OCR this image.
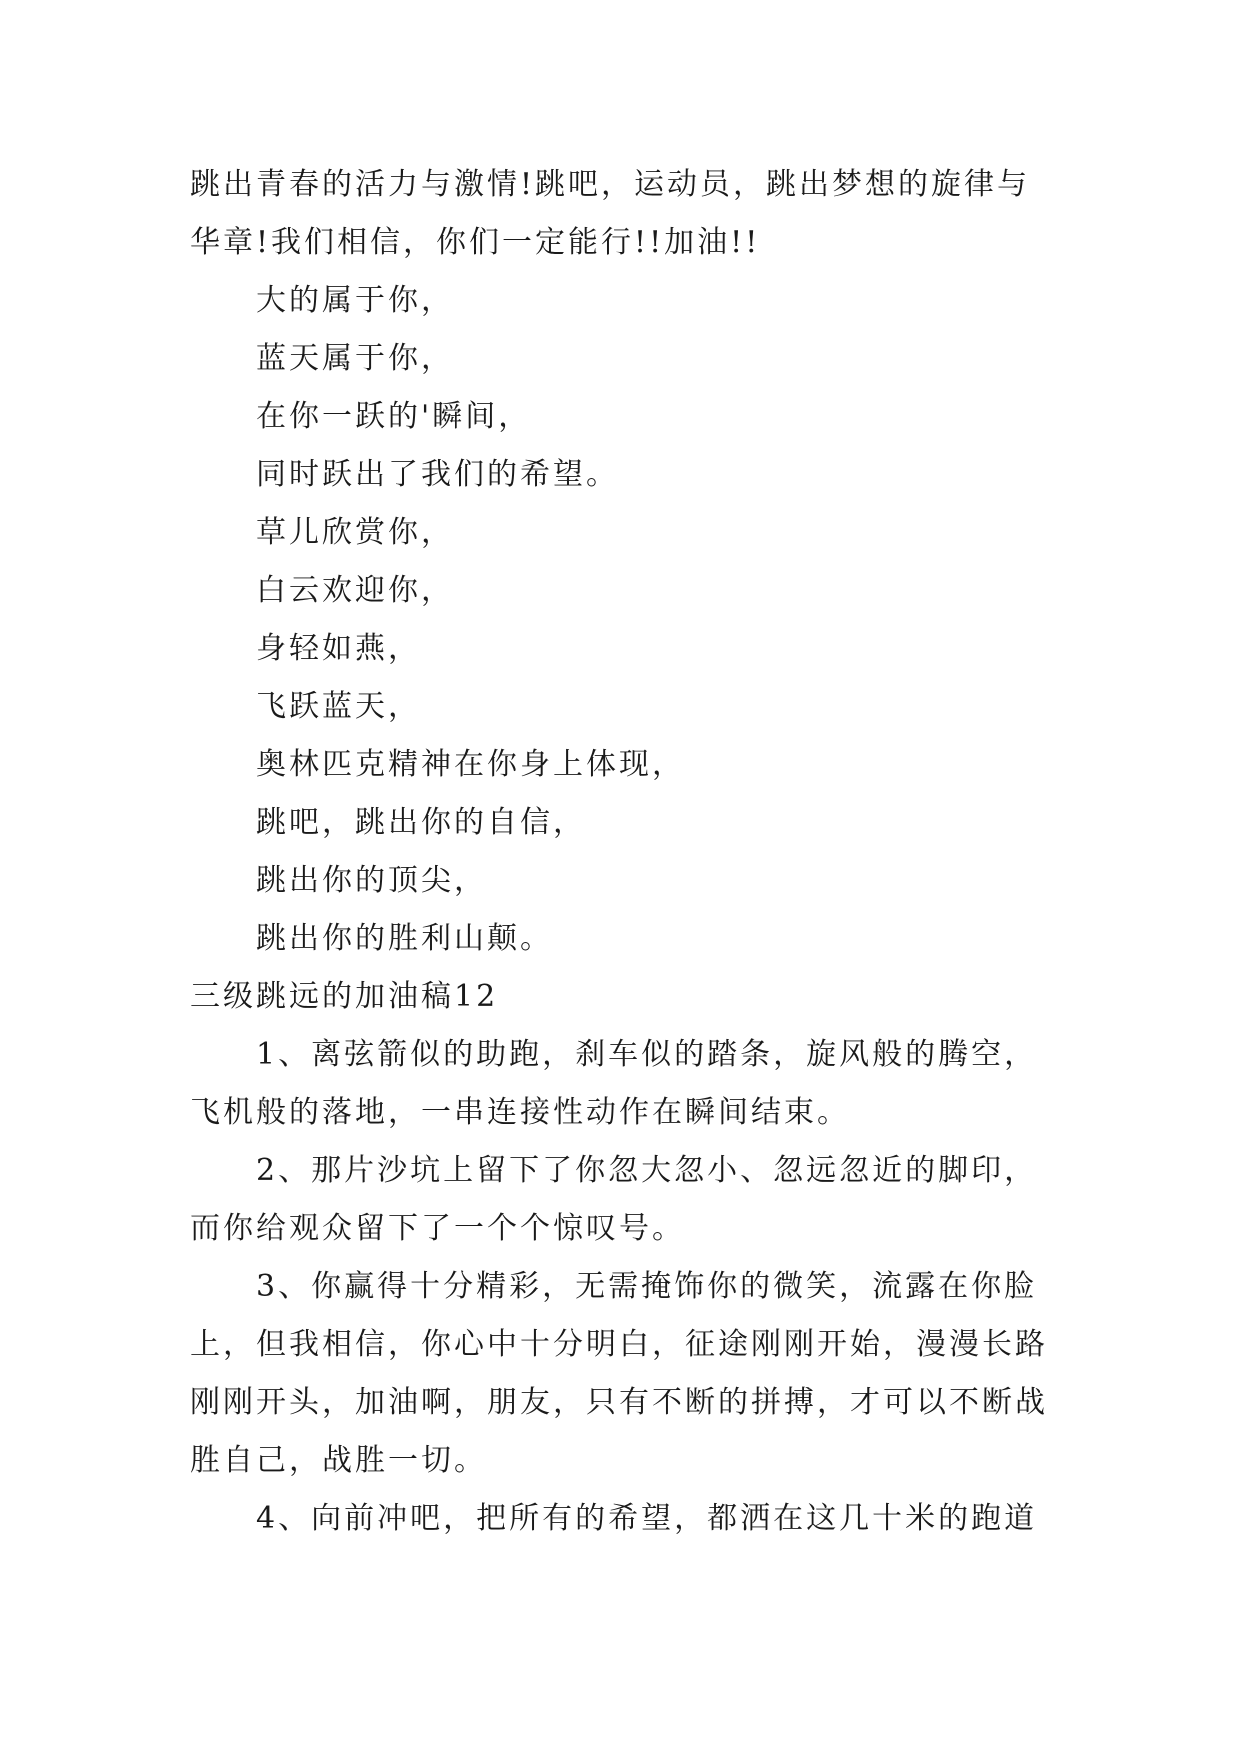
跳出青春的活力与激情!跳吧，运动员，跳出梦想的旋律与
华章!我们相信，你们一定能行!!加油!!
大的属于你，
蓝天属于你，
在你一跃的'瞬间，
同时跃出了我们的希望。
草儿欣赏你，
白云欢迎你，
身轻如燕，
飞跃蓝天，
奥林匹克精神在你身上体现，
跳吧，跳出你的自信，
跳出你的顶尖，
跳出你的胜利山颠。
三级跳远的加油稿12
1、离弦箭似的助跑，刹车似的踏条，旋风般的腾空，
飞机般的落地，一串连接性动作在瞬间结束。
2、那片沙坑上留下了你忽大忽小、忽远忽近的脚印，
而你给观众留下了一个个惊叹号。
3、你赢得十分精彩，无需掩饰你的微笑，流露在你脸
上，但我相信，你心中十分明白，征途刚刚开始，漫漫长路
刚刚开头，加油啊，朋友，只有不断的拼搏，才可以不断战
胜自己，战胜一切。
4、向前冲吧，把所有的希望，都洒在这几十米的跑道
